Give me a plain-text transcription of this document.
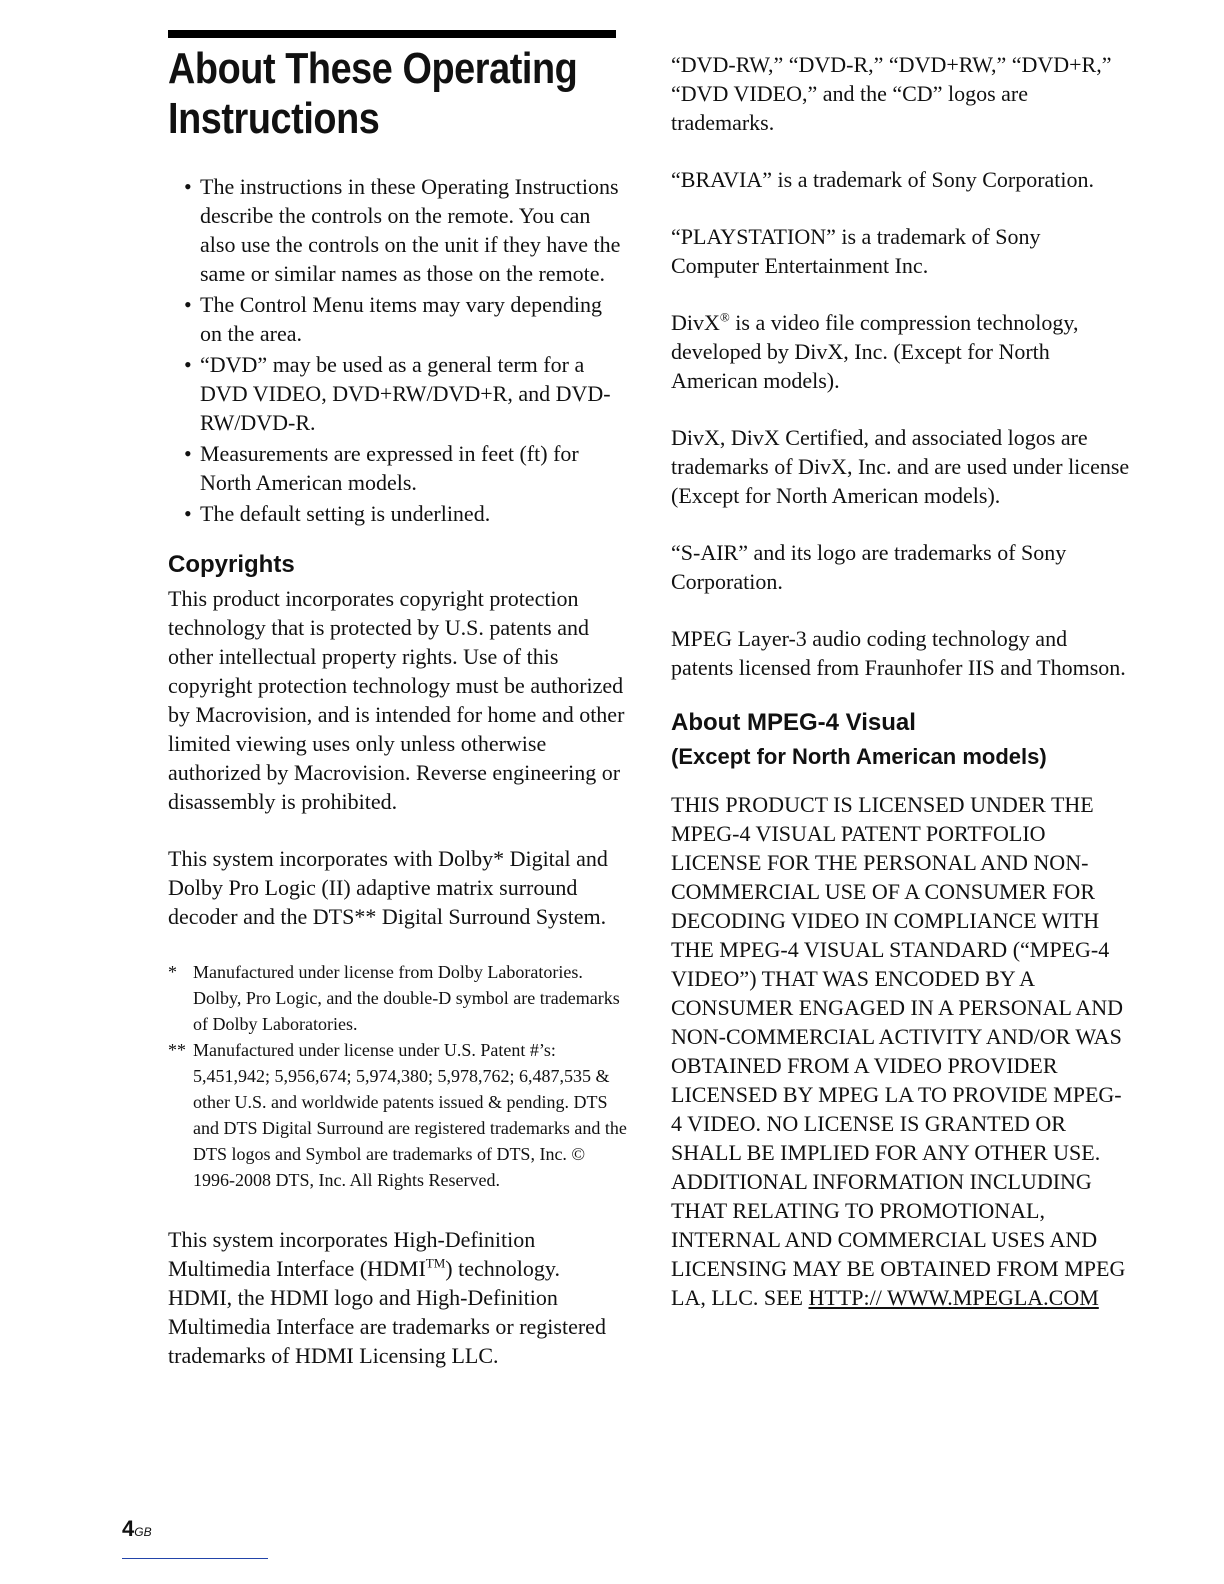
About These Operating
Instructions
• The instructions in these Operating Instructions describe the controls on the remote. You can also use the controls on the unit if they have the same or similar names as those on the remote.
• The Control Menu items may vary depending on the area.
• “DVD” may be used as a general term for a DVD VIDEO, DVD+RW/DVD+R, and DVD-RW/DVD-R.
• Measurements are expressed in feet (ft) for North American models.
• The default setting is underlined.
Copyrights

This product incorporates copyright protection technology that is protected by U.S. patents and other intellectual property rights. Use of this copyright protection technology must be authorized by Macrovision, and is intended for home and other limited viewing uses only unless otherwise authorized by Macrovision. Reverse engineering or disassembly is prohibited.

This system incorporates with Dolby* Digital and Dolby Pro Logic (II) adaptive matrix surround decoder and the DTS** Digital Surround System.

* Manufactured under license from Dolby Laboratories.
Dolby, Pro Logic, and the double-D symbol are trademarks of Dolby Laboratories.
** Manufactured under license under U.S. Patent #’s: 5,451,942; 5,956,674; 5,974,380; 5,978,762; 6,487,535 & other U.S. and worldwide patents issued & pending. DTS and DTS Digital Surround are registered trademarks and the DTS logos and Symbol are trademarks of DTS, Inc. © 1996-2008 DTS, Inc. All Rights Reserved.

This system incorporates High-Definition Multimedia Interface (HDMI™) technology. HDMI, the HDMI logo and High-Definition Multimedia Interface are trademarks or registered trademarks of HDMI Licensing LLC.

“DVD-RW,” “DVD-R,” “DVD+RW,” “DVD+R,” “DVD VIDEO,” and the “CD” logos are trademarks.

“BRAVIA” is a trademark of Sony Corporation.

“PLAYSTATION” is a trademark of Sony Computer Entertainment Inc.

DivX® is a video file compression technology, developed by DivX, Inc. (Except for North American models).

DivX, DivX Certified, and associated logos are trademarks of DivX, Inc. and are used under license (Except for North American models).

“S-AIR” and its logo are trademarks of Sony Corporation.

MPEG Layer-3 audio coding technology and patents licensed from Fraunhofer IIS and Thomson.

About MPEG-4 Visual
(Except for North American models)

THIS PRODUCT IS LICENSED UNDER THE MPEG-4 VISUAL PATENT PORTFOLIO LICENSE FOR THE PERSONAL AND NON-COMMERCIAL USE OF A CONSUMER FOR DECODING VIDEO IN COMPLIANCE WITH THE MPEG-4 VISUAL STANDARD (“MPEG-4 VIDEO”) THAT WAS ENCODED BY A CONSUMER ENGAGED IN A PERSONAL AND NON-COMMERCIAL ACTIVITY AND/OR WAS OBTAINED FROM A VIDEO PROVIDER LICENSED BY MPEG LA TO PROVIDE MPEG-4 VIDEO. NO LICENSE IS GRANTED OR SHALL BE IMPLIED FOR ANY OTHER USE. ADDITIONAL INFORMATION INCLUDING THAT RELATING TO PROMOTIONAL, INTERNAL AND COMMERCIAL USES AND LICENSING MAY BE OBTAINED FROM MPEG LA, LLC. SEE HTTP:// WWW.MPEGLA.COM

4GB
